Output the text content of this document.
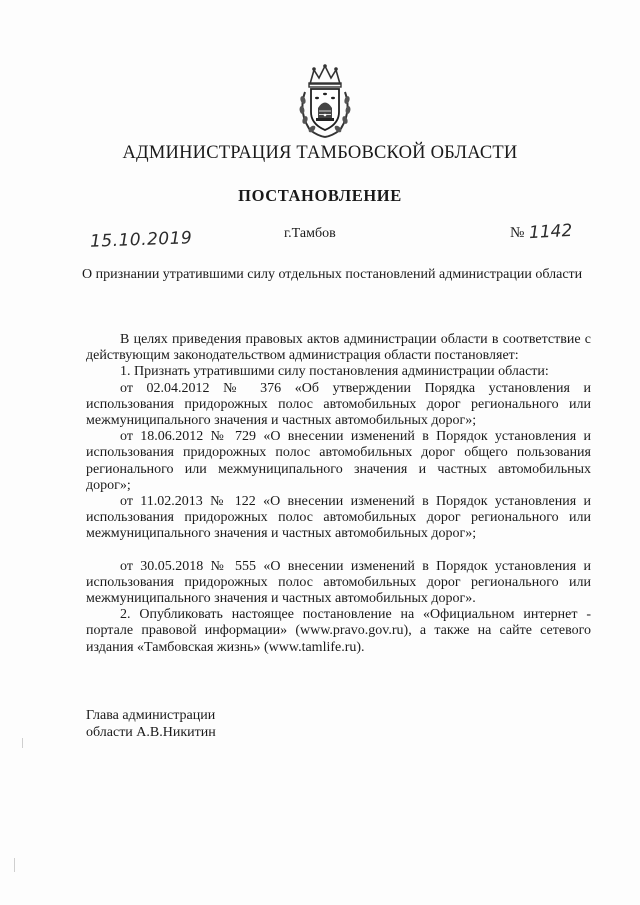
АДМИНИСТРАЦИЯ ТАМБОВСКОЙ ОБЛАСТИ
ПОСТАНОВЛЕНИЕ
15.10.2019	г.Тамбов	№ 1142
О признании утратившими силу отдельных постановлений администрации области

В целях приведения правовых актов администрации области в соответствие с действующим законодательством администрация области постановляет:

1. Признать утратившими силу постановления администрации области:

от 02.04.2012 № 376 «Об утверждении Порядка установления и использования придорожных полос автомобильных дорог регионального или межмуниципального значения и частных автомобильных дорог»;

от 18.06.2012 № 729 «О внесении изменений в Порядок установления и использования придорожных полос автомобильных дорог общего пользования регионального или межмуниципального значения и частных автомобильных дорог»;

от 11.02.2013 № 122 «О внесении изменений в Порядок установления и использования придорожных полос автомобильных дорог регионального или межмуниципального значения и частных автомобильных дорог»;

от 30.05.2018 № 555 «О внесении изменений в Порядок установления и использования придорожных полос автомобильных дорог регионального или межмуниципального значения и частных автомобильных дорог».

2. Опубликовать настоящее постановление на «Официальном интернет - портале правовой информации» (www.pravo.gov.ru), а также на сайте сетевого издания «Тамбовская жизнь» (www.tamlife.ru).

Глава администрации
области А.В.Никитин
